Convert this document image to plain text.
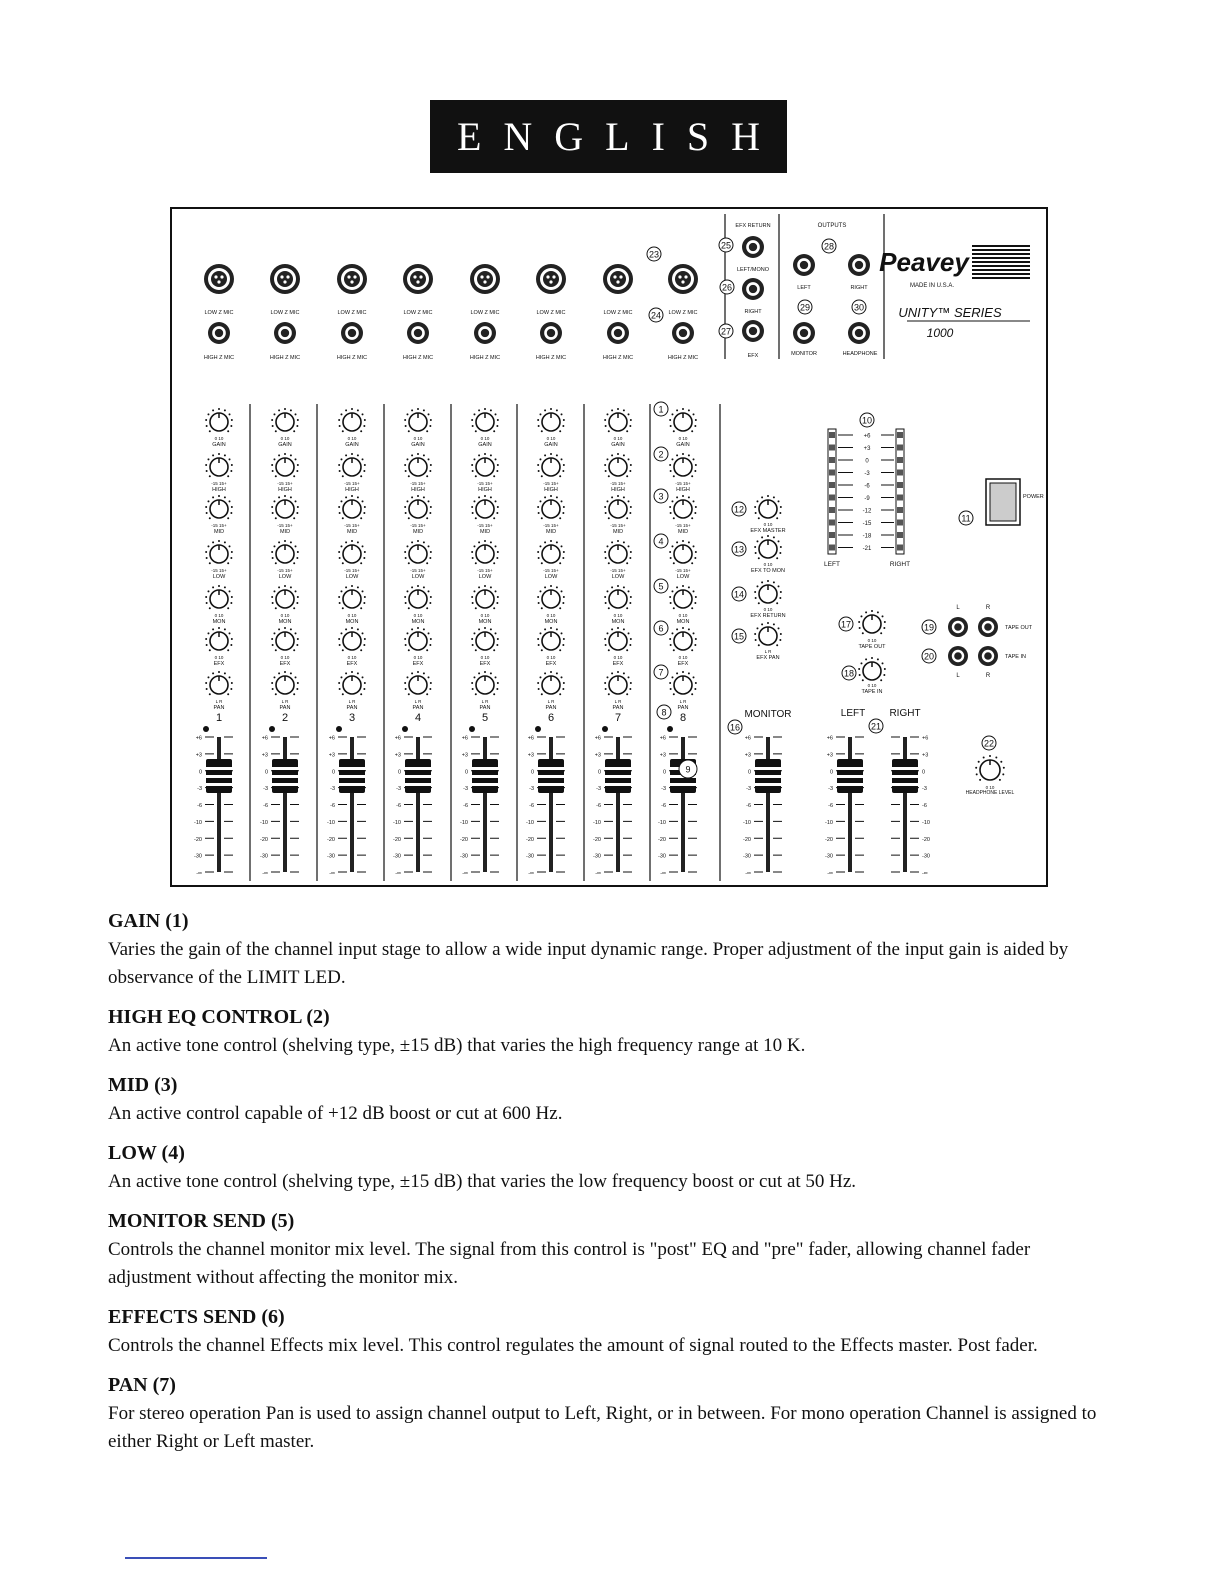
ENGLISH
LOW Z MIC
HIGH Z MIC
LOW Z MIC
HIGH Z MIC
LOW Z MIC
HIGH Z MIC
LOW Z MIC
HIGH Z MIC
LOW Z MIC
HIGH Z MIC
LOW Z MIC
HIGH Z MIC
LOW Z MIC
HIGH Z MIC
LOW Z MIC
HIGH Z MIC
0 10
GAIN
-15 15+
HIGH
-15 15+
MID
-15 15+
LOW
0 10
MON
0 10
EFX
L R
PAN
1
+6
+3
0
-3
-6
-10
-20
-30
-∞
0 10
GAIN
-15 15+
HIGH
-15 15+
MID
-15 15+
LOW
0 10
MON
0 10
EFX
L R
PAN
2
+6
+3
0
-3
-6
-10
-20
-30
-∞
0 10
GAIN
-15 15+
HIGH
-15 15+
MID
-15 15+
LOW
0 10
MON
0 10
EFX
L R
PAN
3
+6
+3
0
-3
-6
-10
-20
-30
-∞
0 10
GAIN
-15 15+
HIGH
-15 15+
MID
-15 15+
LOW
0 10
MON
0 10
EFX
L R
PAN
4
+6
+3
0
-3
-6
-10
-20
-30
-∞
0 10
GAIN
-15 15+
HIGH
-15 15+
MID
-15 15+
LOW
0 10
MON
0 10
EFX
L R
PAN
5
+6
+3
0
-3
-6
-10
-20
-30
-∞
0 10
GAIN
-15 15+
HIGH
-15 15+
MID
-15 15+
LOW
0 10
MON
0 10
EFX
L R
PAN
6
+6
+3
0
-3
-6
-10
-20
-30
-∞
0 10
GAIN
-15 15+
HIGH
-15 15+
MID
-15 15+
LOW
0 10
MON
0 10
EFX
L R
PAN
7
+6
+3
0
-3
-6
-10
-20
-30
-∞
0 10
GAIN
-15 15+
HIGH
-15 15+
MID
-15 15+
LOW
0 10
MON
0 10
EFX
L R
PAN
8
+6
+3
0
-3
-6
-10
-20
-30
-∞
1
2
3
4
5
6
7
8
9
EFX RETURN
23
25
LEFT/MONO
26
RIGHT
24
27
EFX
OUTPUTS
28
LEFT	RIGHT
29	30
MONITOR	HEADPHONE
Peavey
MADE IN U.S.A.
UNITY™ SERIES
1000
12
0 10
EFX MASTER
13
0 10
EFX TO MON
14
0 10
EFX RETURN
15
L R
EFX PAN
10
+6
+3
0
-3
-6
-9
-12
-15
-18
-21
LEFT	RIGHT
11
POWER
17
0 10
TAPE OUT
18
0 10
TAPE IN
L	R
19	TAPE OUT
20	TAPE IN
L	R
MONITOR	LEFT RIGHT
16	21
+6
+3
0
-3
-6
-10
-20
-30
-∞
+6
+3
0
-3
-6
-10
-20
-30
-∞
+6
+3
0
-3
-6
-10
-20
-30
-∞
22
0 10
HEADPHONE LEVEL
GAIN (1)

Varies the gain of the channel input stage to allow a wide input dynamic range. Proper adjustment of the input gain is aided by observance of the LIMIT LED.

HIGH EQ CONTROL (2)

An active tone control (shelving type, ±15 dB) that varies the high frequency range at 10 K.

MID (3)

An active control capable of +12 dB boost or cut at 600 Hz.

LOW (4)

An active tone control (shelving type, ±15 dB) that varies the low frequency boost or cut at 50 Hz.

MONITOR SEND (5)

Controls the channel monitor mix level. The signal from this control is "post" EQ and "pre" fader, allowing channel fader adjustment without affecting the monitor mix.

EFFECTS SEND (6)

Controls the channel Effects mix level. This control regulates the amount of signal routed to the Effects master. Post fader.

PAN (7)

For stereo operation Pan is used to assign channel output to Left, Right, or in between. For mono operation Channel is assigned to either Right or Left master.
